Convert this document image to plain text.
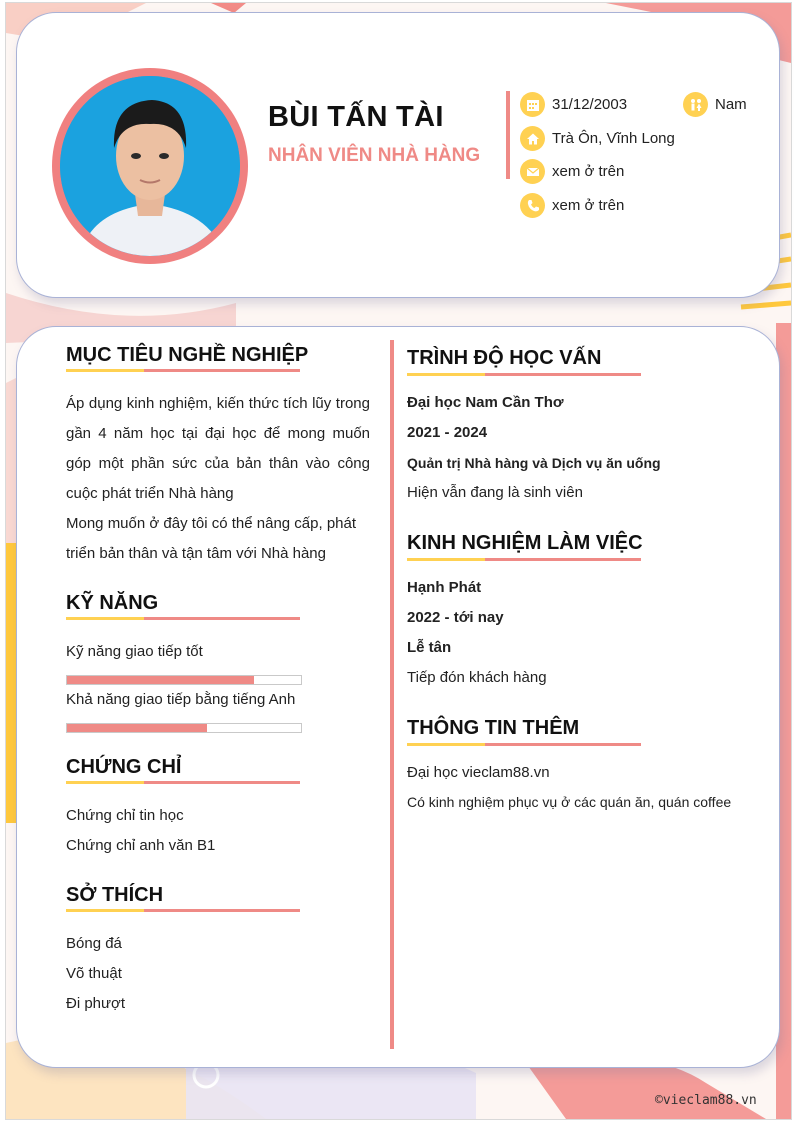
BÙI TẤN TÀI
NHÂN VIÊN NHÀ HÀNG
31/12/2003	Nam
Trà Ôn, Vĩnh Long
xem ở trên
xem ở trên
MỤC TIÊU NGHỀ NGHIỆP
Áp dụng kinh nghiệm, kiến thức tích lũy trong gần 4 năm học tại đại học để mong muốn góp một phần sức của bản thân vào công cuộc phát triển Nhà hàng
Mong muốn ở đây tôi có thể nâng cấp, phát triển bản thân và tận tâm với Nhà hàng
KỸ NĂNG
Kỹ năng giao tiếp tốt
Khả năng giao tiếp bằng tiếng Anh
CHỨNG CHỈ
Chứng chỉ tin học
Chứng chỉ anh văn B1
SỞ THÍCH
Bóng đá
Võ thuật
Đi phượt
TRÌNH ĐỘ HỌC VẤN
Đại học Nam Cần Thơ
2021 - 2024
Quản trị Nhà hàng và Dịch vụ ăn uống
Hiện vẫn đang là sinh viên
KINH NGHIỆM LÀM VIỆC
Hạnh Phát
2022 - tới nay
Lễ tân
Tiếp đón khách hàng
THÔNG TIN THÊM
Đại học vieclam88.vn
Có kinh nghiệm phục vụ ở các quán ăn, quán coffee
©vieclam88.vn
